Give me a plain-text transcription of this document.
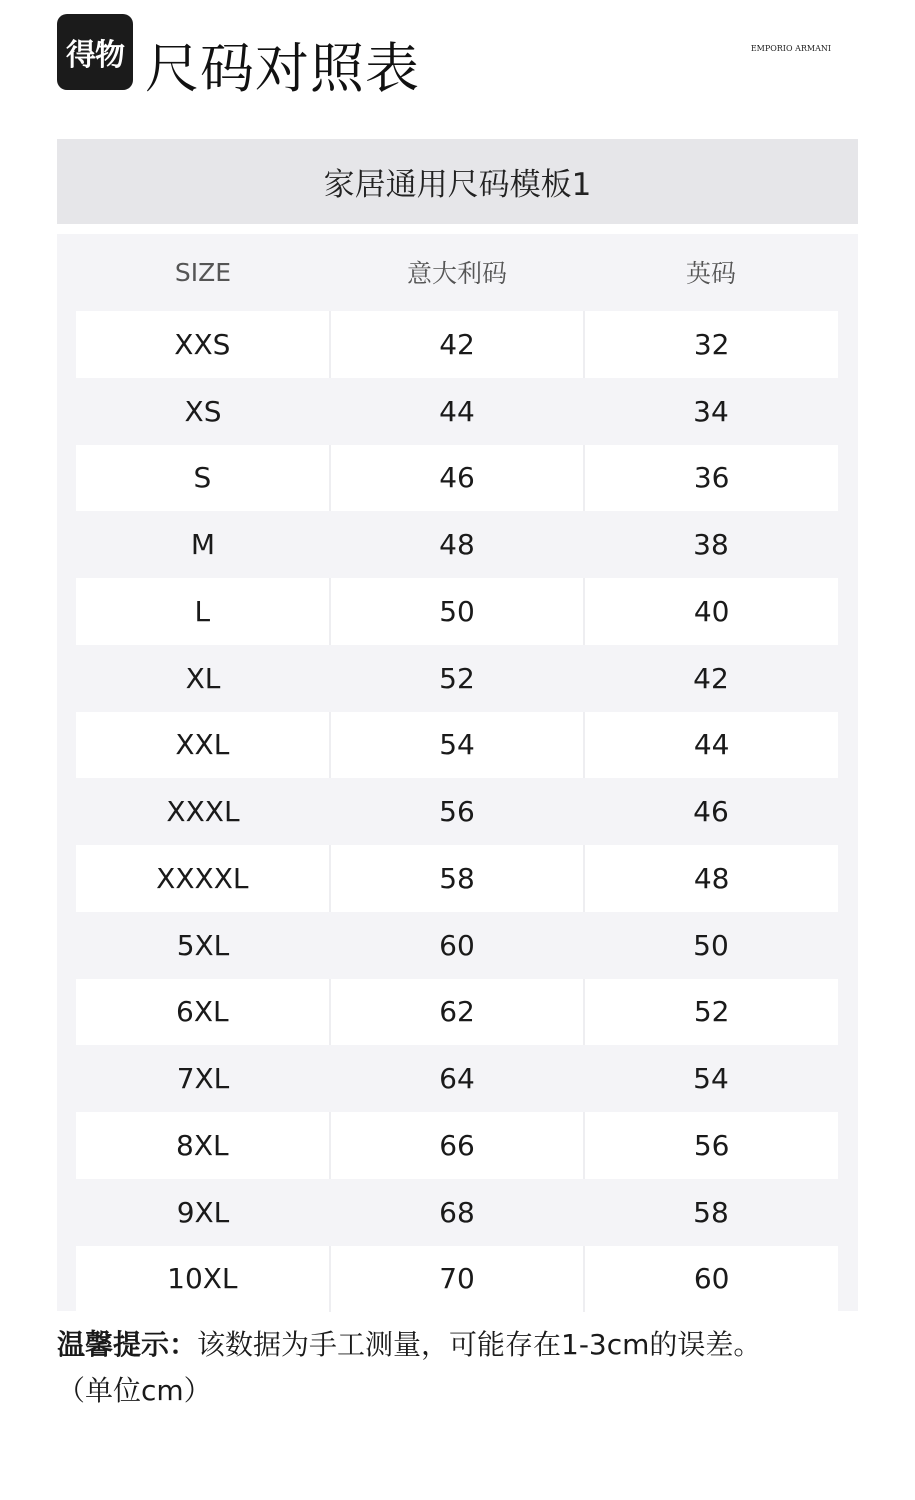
得物 尺码对照表	EMPORIO ARMANI
家居通用尺码模板1
SIZE	意大利码	英码
XXS	42	32
XS	44	34
S	46	36
M	48	38
L	50	40
XL	52	42
XXL	54	44
XXXL	56	46
XXXXL	58	48
5XL	60	50
6XL	62	52
7XL	64	54
8XL	66	56
9XL	68	58
10XL	70	60
温馨提示：该数据为手工测量，可能存在1-3cm的误差。
（单位cm）
